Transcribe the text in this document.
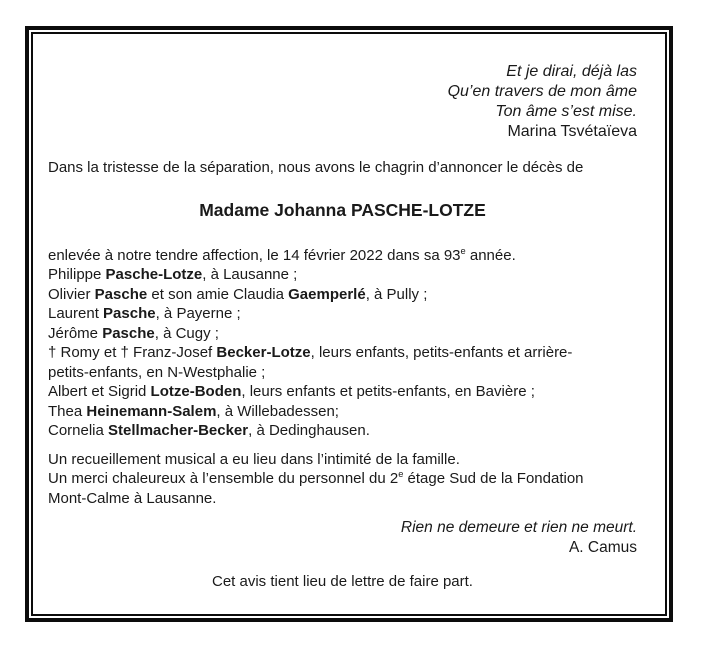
Et je dirai, déjà las
Qu’en travers de mon âme
Ton âme s’est mise.
Marina Tsvétaïeva

Dans la tristesse de la séparation, nous avons le chagrin d’annoncer le décès de

Madame Johanna PASCHE-LOTZE
enlevée à notre tendre affection, le 14 février 2022 dans sa 93e année.
Philippe Pasche-Lotze, à Lausanne ;
Olivier Pasche et son amie Claudia Gaemperlé, à Pully ;
Laurent Pasche, à Payerne ;
Jérôme Pasche, à Cugy ;
† Romy et † Franz-Josef Becker-Lotze, leurs enfants, petits-enfants et arrière-
petits-enfants, en N-Westphalie ;
Albert et Sigrid Lotze-Boden, leurs enfants et petits-enfants, en Bavière ;
Thea Heinemann-Salem, à Willebadessen;
Cornelia Stellmacher-Becker, à Dedinghausen.
Un recueillement musical a eu lieu dans l’intimité de la famille.
Un merci chaleureux à l’ensemble du personnel du 2e étage Sud de la Fondation
Mont-Calme à Lausanne.
Rien ne demeure et rien ne meurt.
A. Camus
Cet avis tient lieu de lettre de faire part.
